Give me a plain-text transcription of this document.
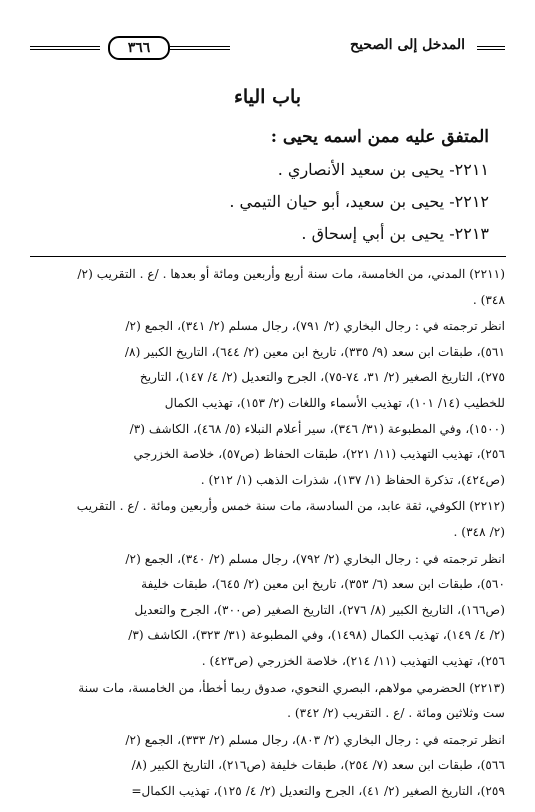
٣٦٦	المدخل إلى الصحيح
باب الياء
المتفق عليه ممن اسمه يحيى :
٢٢١١- يحيى بن سعيد الأنصاري .
٢٢١٢- يحيى بن سعيد، أبو حيان التيمي .
٢٢١٣- يحيى بن أبي إسحاق .

(٢٢١١) المدني، من الخامسة، مات سنة أربع وأربعين ومائة أو بعدها . /ع . التقريب (٢/
٣٤٨) .

انظر ترجمته في : رجال البخاري (٢/ ٧٩١)، رجال مسلم (٢/ ٣٤١)، الجمع (٢/
٥٦١)، طبقات ابن سعد (٩/ ٣٣٥)، تاريخ ابن معين (٢/ ٦٤٤)، التاريخ الكبير (٨/
٢٧٥)، التاريخ الصغير (٢/ ٣١، ٧٤-٧٥)، الجرح والتعديل (٢/ ٤/ ١٤٧)، التاريخ
للخطيب (١٤/ ١٠١)، تهذيب الأسماء واللغات (٢/ ١٥٣)، تهذيب الكمال
(١٥٠٠)، وفي المطبوعة (٣١/ ٣٤٦)، سير أعلام النبلاء (٥/ ٤٦٨)، الكاشف (٣/
٢٥٦)، تهذيب التهذيب (١١/ ٢٢١)، طبقات الحفاظ (ص٥٧)، خلاصة الخزرجي
(ص٤٢٤)، تذكرة الحفاظ (١/ ١٣٧)، شذرات الذهب (١/ ٢١٢) .

(٢٢١٢) الكوفي، ثقة عابد، من السادسة، مات سنة خمس وأربعين ومائة . /ع . التقريب
(٢/ ٣٤٨) .

انظر ترجمته في : رجال البخاري (٢/ ٧٩٢)، رجال مسلم (٢/ ٣٤٠)، الجمع (٢/
٥٦٠)، طبقات ابن سعد (٦/ ٣٥٣)، تاريخ ابن معين (٢/ ٦٤٥)، طبقات خليفة
(ص١٦٦)، التاريخ الكبير (٨/ ٢٧٦)، التاريخ الصغير (ص٣٠٠)، الجرح والتعديل
(٢/ ٤/ ١٤٩)، تهذيب الكمال (١٤٩٨)، وفي المطبوعة (٣١/ ٣٢٣)، الكاشف (٣/
٢٥٦)، تهذيب التهذيب (١١/ ٢١٤)، خلاصة الخزرجي (ص٤٢٣) .

(٢٢١٣) الحضرمي مولاهم، البصري النحوي، صدوق ربما أخطأ، من الخامسة، مات سنة
ست وثلاثين ومائة . /ع . التقريب (٢/ ٣٤٢) .

انظر ترجمته في : رجال البخاري (٢/ ٨٠٣)، رجال مسلم (٢/ ٣٣٣)، الجمع (٢/
٥٦٦)، طبقات ابن سعد (٧/ ٢٥٤)، طبقات خليفة (ص٢١٦)، التاريخ الكبير (٨/
٢٥٩)، التاريخ الصغير (٢/ ٤١)، الجرح والتعديل (٢/ ٤/ ١٢٥)، تهذيب الكمال=
